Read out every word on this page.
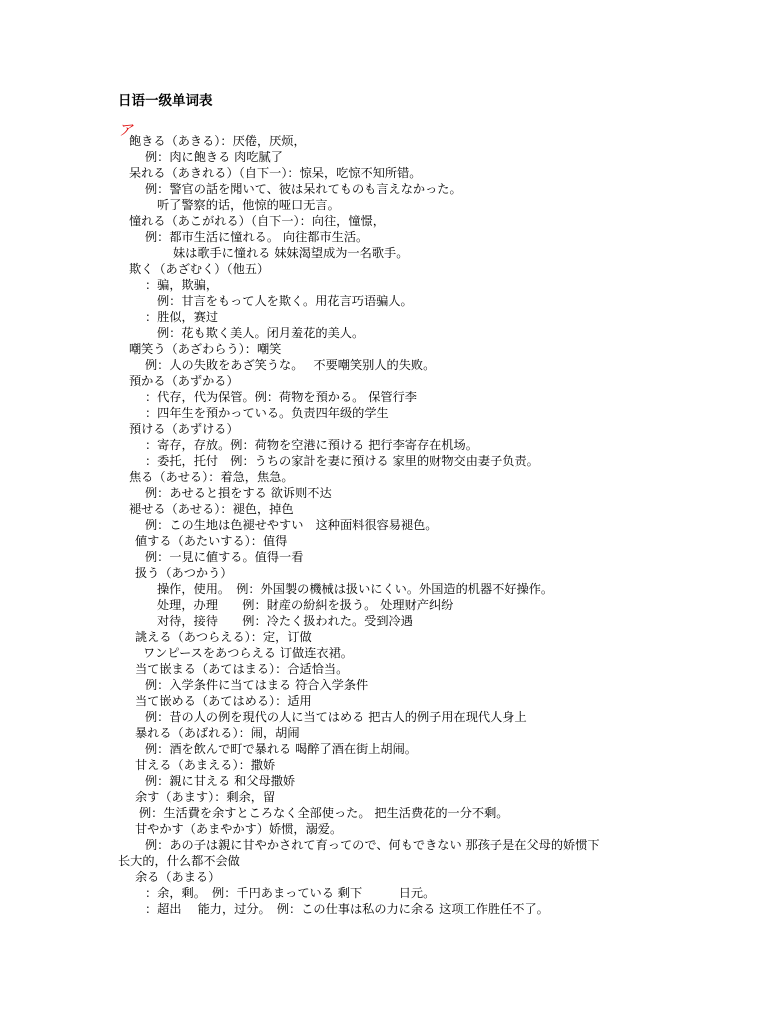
日语一级单词表
ア
飽きる（あきる）：厌倦，厌烦，
例：肉に飽きる 肉吃腻了
呆れる（あきれる）（自下一）：惊呆，吃惊不知所错。
例：警官の話を聞いて、彼は呆れてものも言えなかった。
听了警察的话，他惊的哑口无言。
憧れる（あこがれる）（自下一）：向往，憧憬，
例：都市生活に憧れる。 向往都市生活。
妹は歌手に憧れる 妹妹渴望成为一名歌手。
欺く（あざむく）（他五）
：骗，欺骗，
例：甘言をもって人を欺く。用花言巧语骗人。
：胜似，赛过
例：花も欺く美人。闭月羞花的美人。
嘲笑う（あざわらう）：嘲笑
例：人の失敗をあざ笑うな。　 不要嘲笑别人的失败。
預かる（あずかる）
：代存，代为保管。例：荷物を預かる。 保管行李
：四年生を預かっている。负责四年级的学生
預ける（あずける）
：寄存，存放。例：荷物を空港に預ける 把行李寄存在机场。
：委托，托付　例：うちの家計を妻に預ける 家里的财物交由妻子负责。
焦る（あせる）：着急，焦急。
例：あせると損をする 欲诉则不达
褪せる（あせる）：褪色，掉色
例：この生地は色褪せやすい　这种面料很容易褪色。
値する（あたいする）：值得
例：一見に値する。值得一看
扱う（あつかう）
操作，使用。　例：外国製の機械は扱いにくい。外国造的机器不好操作。
处理，办理　　例：財産の紛糾を扱う。 处理财产纠纷
对待，接待　　例：冷たく扱われた。受到冷遇
誂える（あつらえる）：定，订做
ワンピースをあつらえる 订做连衣裙。
当て嵌まる（あてはまる）：合适恰当。
例：入学条件に当てはまる 符合入学条件
当て嵌める（あてはめる）：适用
例：昔の人の例を現代の人に当てはめる 把古人的例子用在现代人身上
暴れる（あばれる）：闹，胡闹
例：酒を飲んで町で暴れる 喝醉了酒在街上胡闹。
甘える（あまえる）：撒娇
例：親に甘える 和父母撒娇
余す（あます）：剩余，留
例：生活費を余すところなく全部使った。 把生活费花的一分不剩。
甘やかす（あまやかす）娇惯，溺爱。
例：あの子は親に甘やかされて育ってので、何もできない 那孩子是在父母的娇惯下
长大的，什么都不会做
余る（あまる）
：余，剩。　例：千円あまっている 剩下　　　日元。
：超出　 能力，过分。　例：この仕事は私の力に余る 这项工作胜任不了。
